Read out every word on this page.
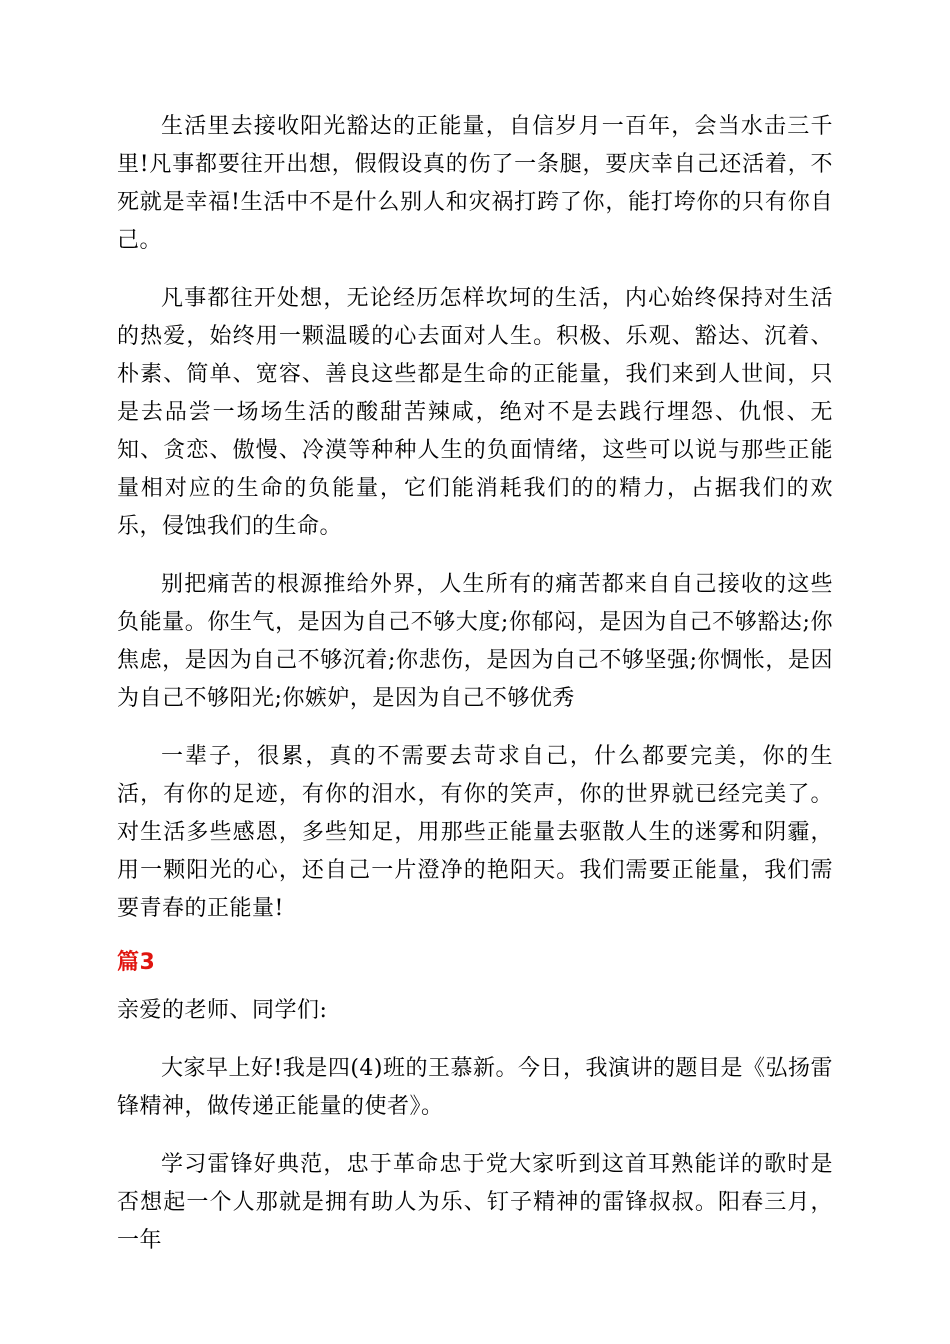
生活里去接收阳光豁达的正能量，自信岁月一百年，会当水击三千里!凡事都要往开出想，假假设真的伤了一条腿，要庆幸自己还活着，不死就是幸福!生活中不是什么别人和灾祸打跨了你，能打垮你的只有你自己。

凡事都往开处想，无论经历怎样坎坷的生活，内心始终保持对生活的热爱，始终用一颗温暖的心去面对人生。积极、乐观、豁达、沉着、朴素、简单、宽容、善良这些都是生命的正能量，我们来到人世间，只是去品尝一场场生活的酸甜苦辣咸，绝对不是去践行埋怨、仇恨、无知、贪恋、傲慢、冷漠等种种人生的负面情绪，这些可以说与那些正能量相对应的生命的负能量，它们能消耗我们的的精力，占据我们的欢乐，侵蚀我们的生命。

别把痛苦的根源推给外界，人生所有的痛苦都来自自己接收的这些负能量。你生气，是因为自己不够大度;你郁闷，是因为自己不够豁达;你焦虑，是因为自己不够沉着;你悲伤，是因为自己不够坚强;你惆怅，是因为自己不够阳光;你嫉妒，是因为自己不够优秀

一辈子，很累，真的不需要去苛求自己，什么都要完美，你的生活，有你的足迹，有你的泪水，有你的笑声，你的世界就已经完美了。对生活多些感恩，多些知足，用那些正能量去驱散人生的迷雾和阴霾，用一颗阳光的心，还自己一片澄净的艳阳天。我们需要正能量，我们需要青春的正能量!

篇3

亲爱的老师、同学们:

大家早上好!我是四(4)班的王慕新。今日，我演讲的题目是《弘扬雷锋精神，做传递正能量的使者》。

学习雷锋好典范，忠于革命忠于党大家听到这首耳熟能详的歌时是否想起一个人那就是拥有助人为乐、钉子精神的雷锋叔叔。阳春三月，一年
